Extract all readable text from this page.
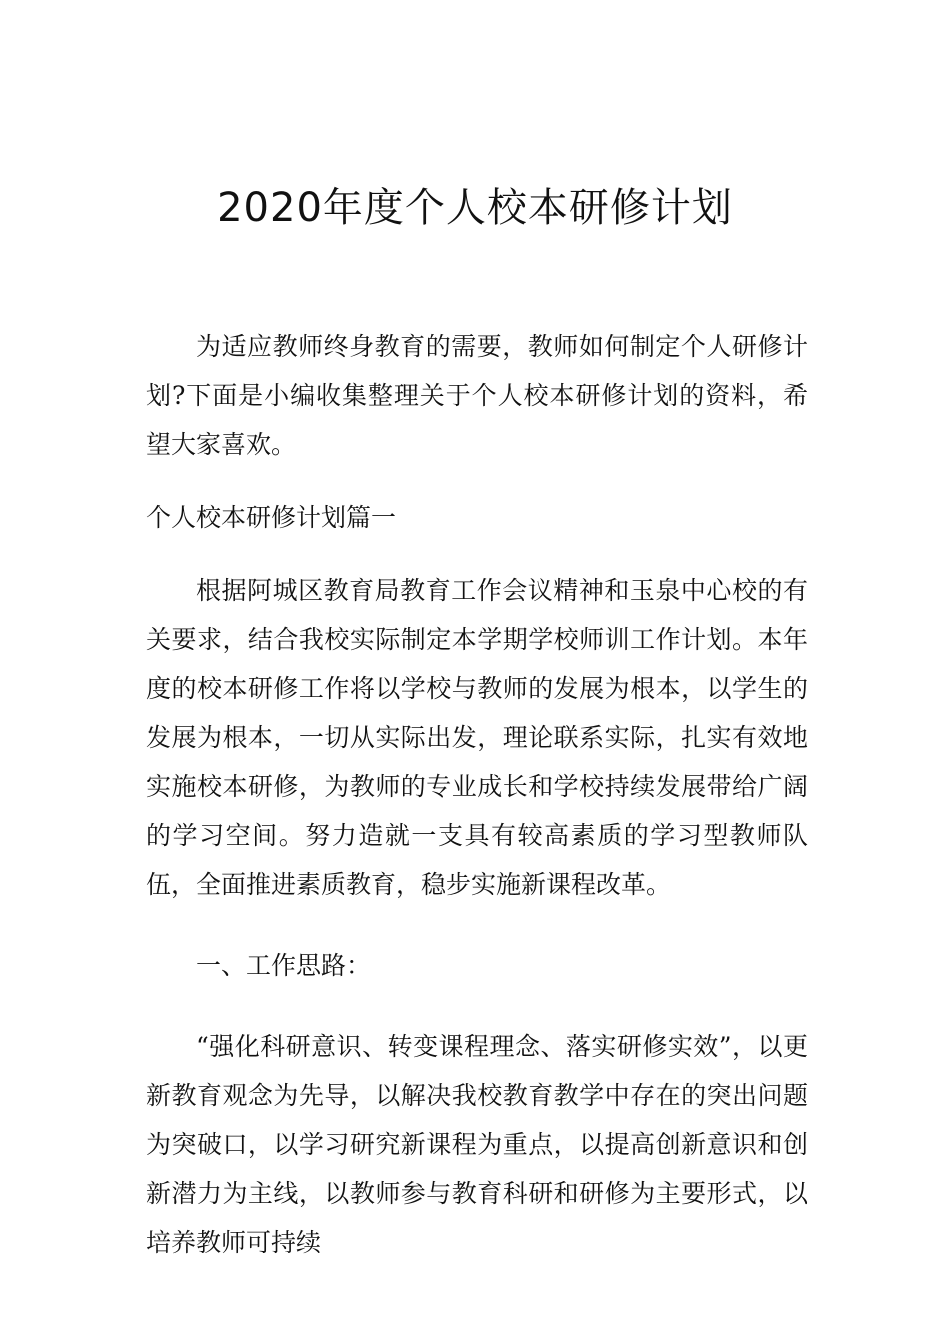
2020年度个人校本研修计划

为适应教师终身教育的需要，教师如何制定个人研修计划?下面是小编收集整理关于个人校本研修计划的资料，希望大家喜欢。

个人校本研修计划篇一

根据阿城区教育局教育工作会议精神和玉泉中心校的有关要求，结合我校实际制定本学期学校师训工作计划。本年度的校本研修工作将以学校与教师的发展为根本，以学生的发展为根本，一切从实际出发，理论联系实际，扎实有效地实施校本研修，为教师的专业成长和学校持续发展带给广阔的学习空间。努力造就一支具有较高素质的学习型教师队伍，全面推进素质教育，稳步实施新课程改革。

一、工作思路：

“强化科研意识、转变课程理念、落实研修实效”，以更新教育观念为先导，以解决我校教育教学中存在的突出问题为突破口，以学习研究新课程为重点，以提高创新意识和创新潜力为主线，以教师参与教育科研和研修为主要形式，以培养教师可持续
